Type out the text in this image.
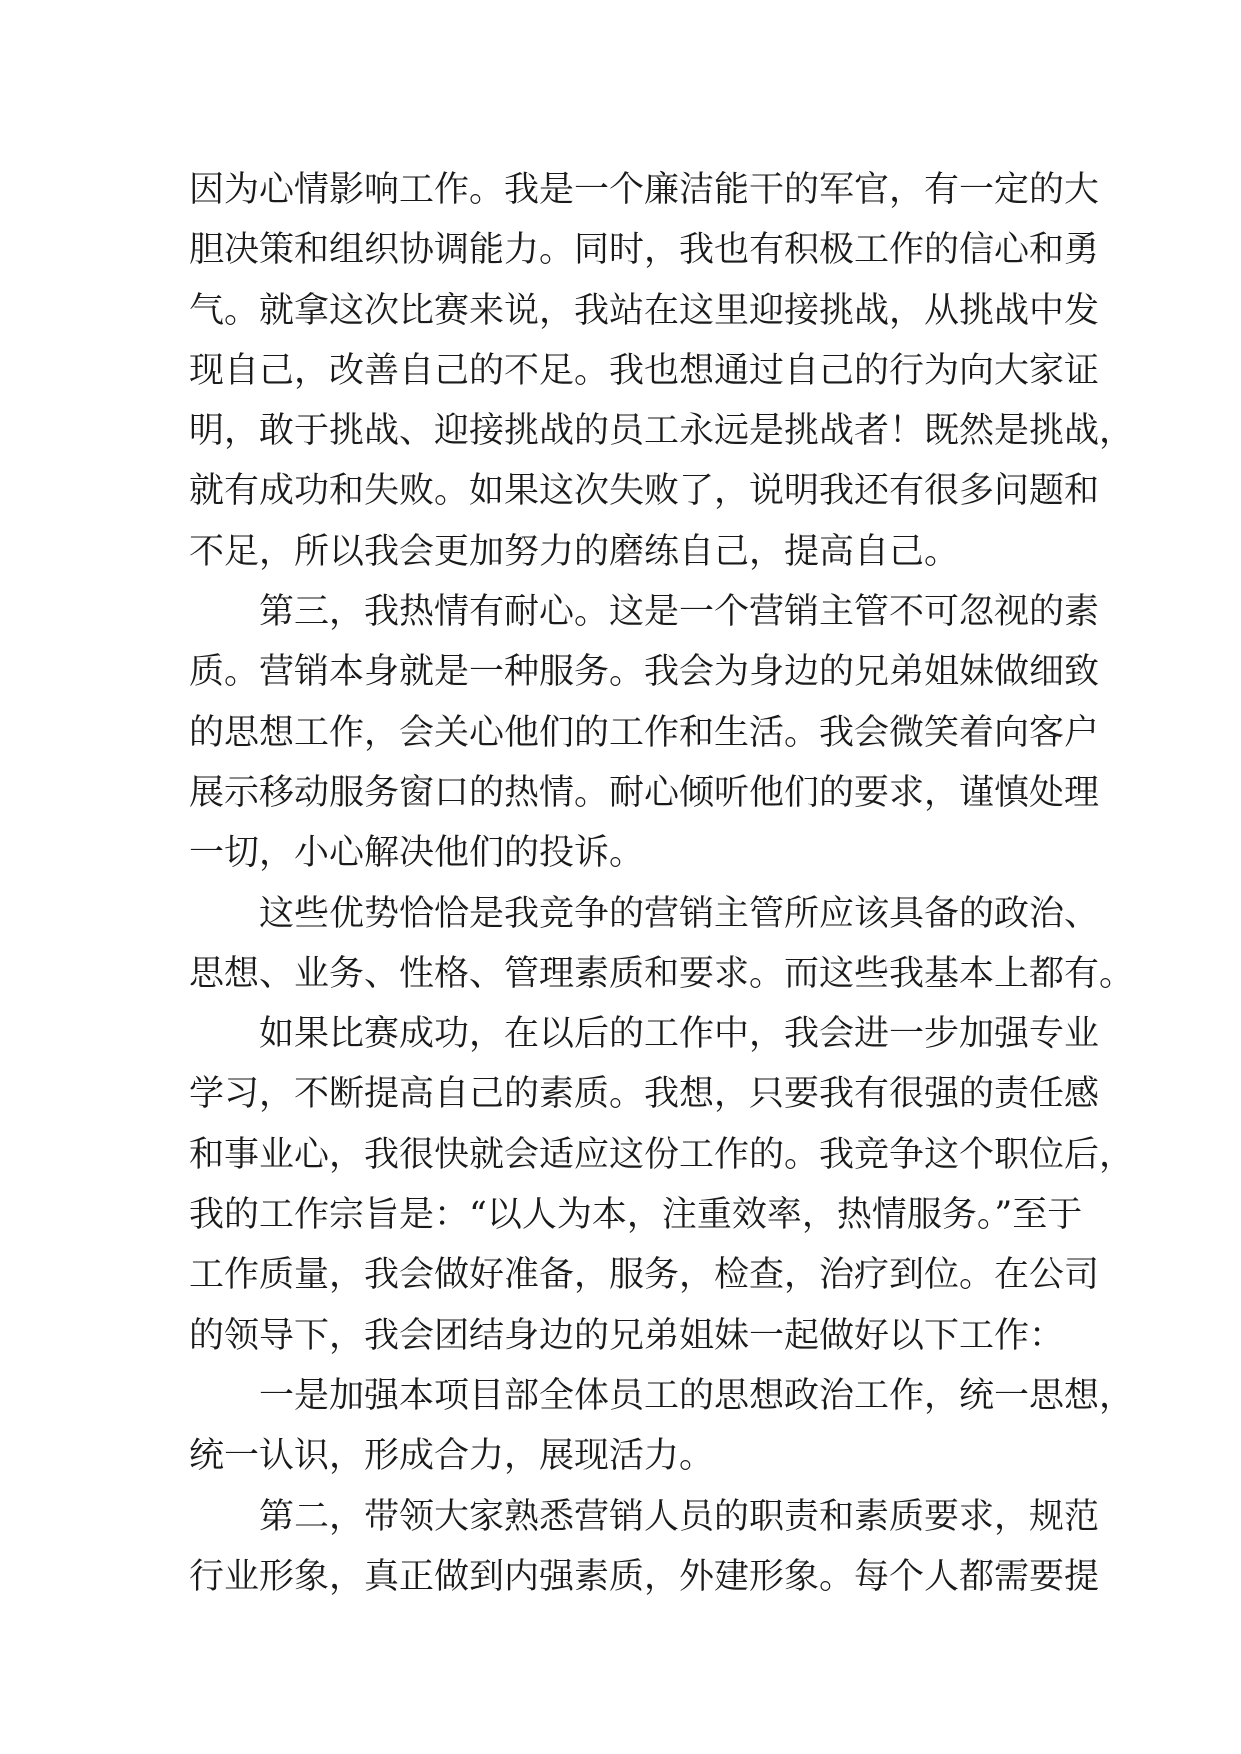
因为心情影响工作。我是一个廉洁能干的军官，有一定的大
胆决策和组织协调能力。同时，我也有积极工作的信心和勇
气。就拿这次比赛来说，我站在这里迎接挑战，从挑战中发
现自己，改善自己的不足。我也想通过自己的行为向大家证
明，敢于挑战、迎接挑战的员工永远是挑战者！既然是挑战，
就有成功和失败。如果这次失败了，说明我还有很多问题和
不足，所以我会更加努力的磨练自己，提高自己。
第三，我热情有耐心。这是一个营销主管不可忽视的素
质。营销本身就是一种服务。我会为身边的兄弟姐妹做细致
的思想工作，会关心他们的工作和生活。我会微笑着向客户
展示移动服务窗口的热情。耐心倾听他们的要求，谨慎处理
一切，小心解决他们的投诉。
这些优势恰恰是我竞争的营销主管所应该具备的政治、
思想、业务、性格、管理素质和要求。而这些我基本上都有。
如果比赛成功，在以后的工作中，我会进一步加强专业
学习，不断提高自己的素质。我想，只要我有很强的责任感
和事业心，我很快就会适应这份工作的。我竞争这个职位后，
我的工作宗旨是：“以人为本，注重效率，热情服务。”至于
工作质量，我会做好准备，服务，检查，治疗到位。在公司
的领导下，我会团结身边的兄弟姐妹一起做好以下工作：
一是加强本项目部全体员工的思想政治工作，统一思想，
统一认识，形成合力，展现活力。
第二，带领大家熟悉营销人员的职责和素质要求，规范
行业形象，真正做到内强素质，外建形象。每个人都需要提
